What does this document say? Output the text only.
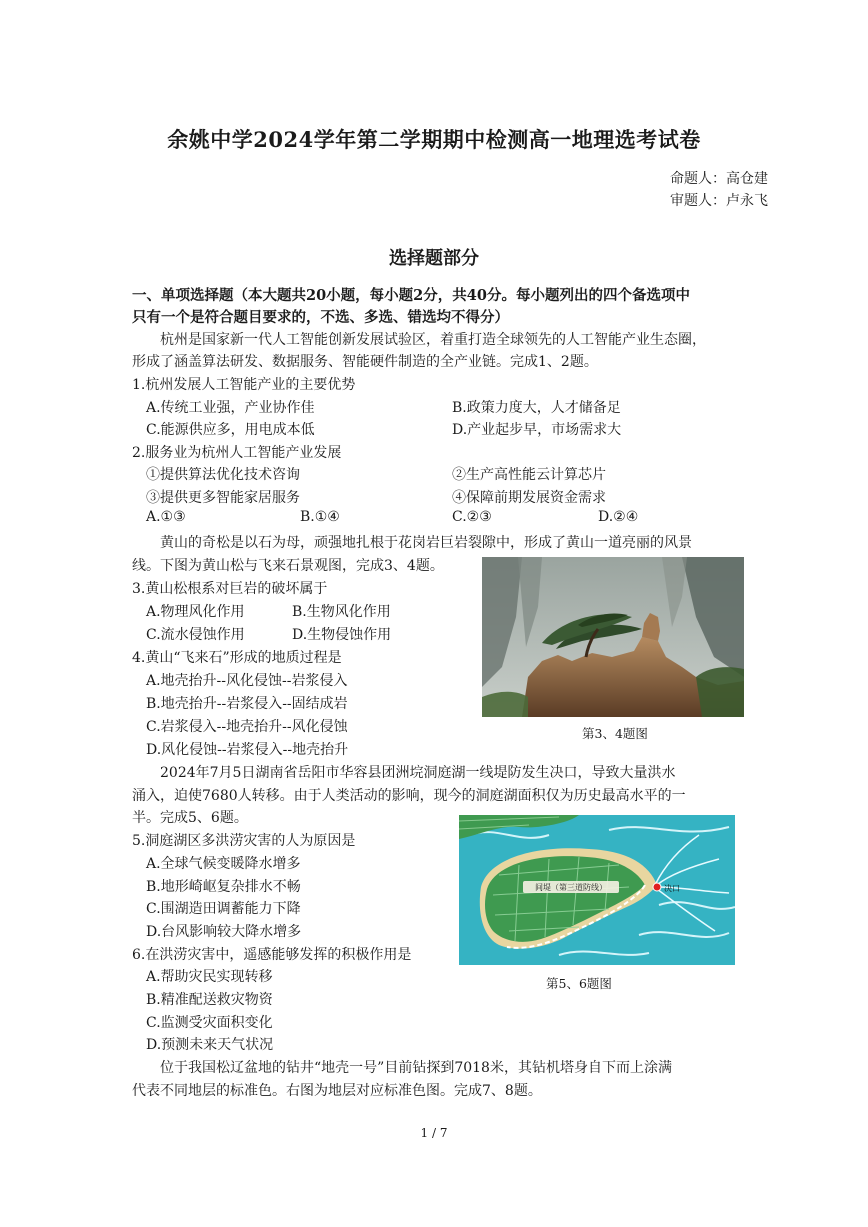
余姚中学2024学年第二学期期中检测高一地理选考试卷
命题人：高仓建
审题人：卢永飞
选择题部分
一、单项选择题（本大题共20小题，每小题2分，共40分。每小题列出的四个备选项中
只有一个是符合题目要求的，不选、多选、错选均不得分）
杭州是国家新一代人工智能创新发展试验区，着重打造全球领先的人工智能产业生态圈，
形成了涵盖算法研发、数据服务、智能硬件制造的全产业链。完成1、2题。
1.杭州发展人工智能产业的主要优势
A.传统工业强，产业协作佳	B.政策力度大，人才储备足
C.能源供应多，用电成本低	D.产业起步早，市场需求大
2.服务业为杭州人工智能产业发展
①提供算法优化技术咨询	②生产高性能云计算芯片
③提供更多智能家居服务	④保障前期发展资金需求
A.①③	B.①④	C.②③	D.②④
黄山的奇松是以石为母，顽强地扎根于花岗岩巨岩裂隙中，形成了黄山一道亮丽的风景
线。下图为黄山松与飞来石景观图，完成3、4题。
3.黄山松根系对巨岩的破坏属于
A.物理风化作用	B.生物风化作用
C.流水侵蚀作用	D.生物侵蚀作用
4.黄山“飞来石”形成的地质过程是
A.地壳抬升--风化侵蚀--岩浆侵入
B.地壳抬升--岩浆侵入--固结成岩
C.岩浆侵入--地壳抬升--风化侵蚀
D.风化侵蚀--岩浆侵入--地壳抬升
第3、4题图
2024年7月5日湖南省岳阳市华容县团洲垸洞庭湖一线堤防发生决口，导致大量洪水
涌入，迫使7680人转移。由于人类活动的影响，现今的洞庭湖面积仅为历史最高水平的一
半。完成5、6题。
5.洞庭湖区多洪涝灾害的人为原因是
A.全球气候变暖降水增多
B.地形崎岖复杂排水不畅
C.围湖造田调蓄能力下降
D.台风影响较大降水增多
6.在洪涝灾害中，遥感能够发挥的积极作用是
A.帮助灾民实现转移
B.精准配送救灾物资
C.监测受灾面积变化
D.预测未来天气状况
间堤（第三道防线）	决口
第5、6题图
位于我国松辽盆地的钻井“地壳一号”目前钻探到7018米，其钻机塔身自下而上涂满
代表不同地层的标准色。右图为地层对应标准色图。完成7、8题。
1 / 7
